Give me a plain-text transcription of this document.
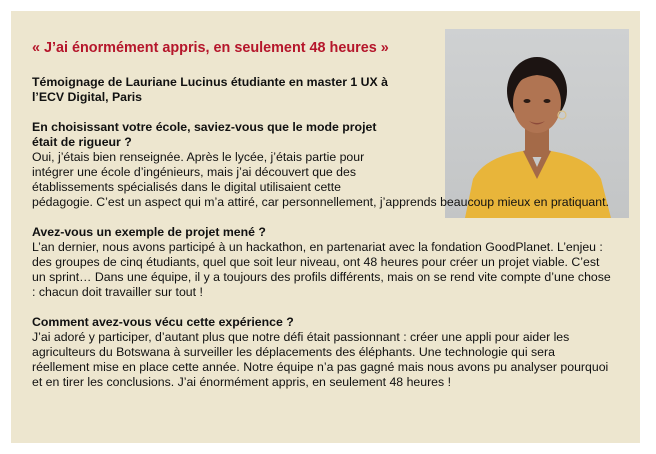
« J’ai énormément appris, en seulement 48 heures »

Témoignage de Lauriane Lucinus étudiante en master 1 UX à l’ECV Digital, Paris

En choisissant votre école, saviez-vous que le mode projet était de rigueur ?

Oui, j’étais bien renseignée. Après le lycée, j’étais partie pour intégrer une école d’ingénieurs, mais j’ai découvert que des établissements spécialisés dans le digital utilisaient cette

pédagogie. C’est un aspect qui m’a attiré, car personnellement, j’apprends beaucoup mieux en pratiquant.

Avez-vous un exemple de projet mené ?

L’an dernier, nous avons participé à un hackathon, en partenariat avec la fondation GoodPlanet. L’enjeu : des groupes de cinq étudiants, quel que soit leur niveau, ont 48 heures pour créer un projet viable. C’est un sprint… Dans une équipe, il y a toujours des profils différents, mais on se rend vite compte d’une chose : chacun doit travailler sur tout !

Comment avez-vous vécu cette expérience ?

J’ai adoré y participer, d’autant plus que notre défi était passionnant : créer une appli pour aider les agriculteurs du Botswana à surveiller les déplacements des éléphants. Une technologie qui sera réellement mise en place cette année. Notre équipe n’a pas gagné mais nous avons pu analyser pourquoi et en tirer les conclusions. J’ai énormément appris, en seulement 48 heures !
